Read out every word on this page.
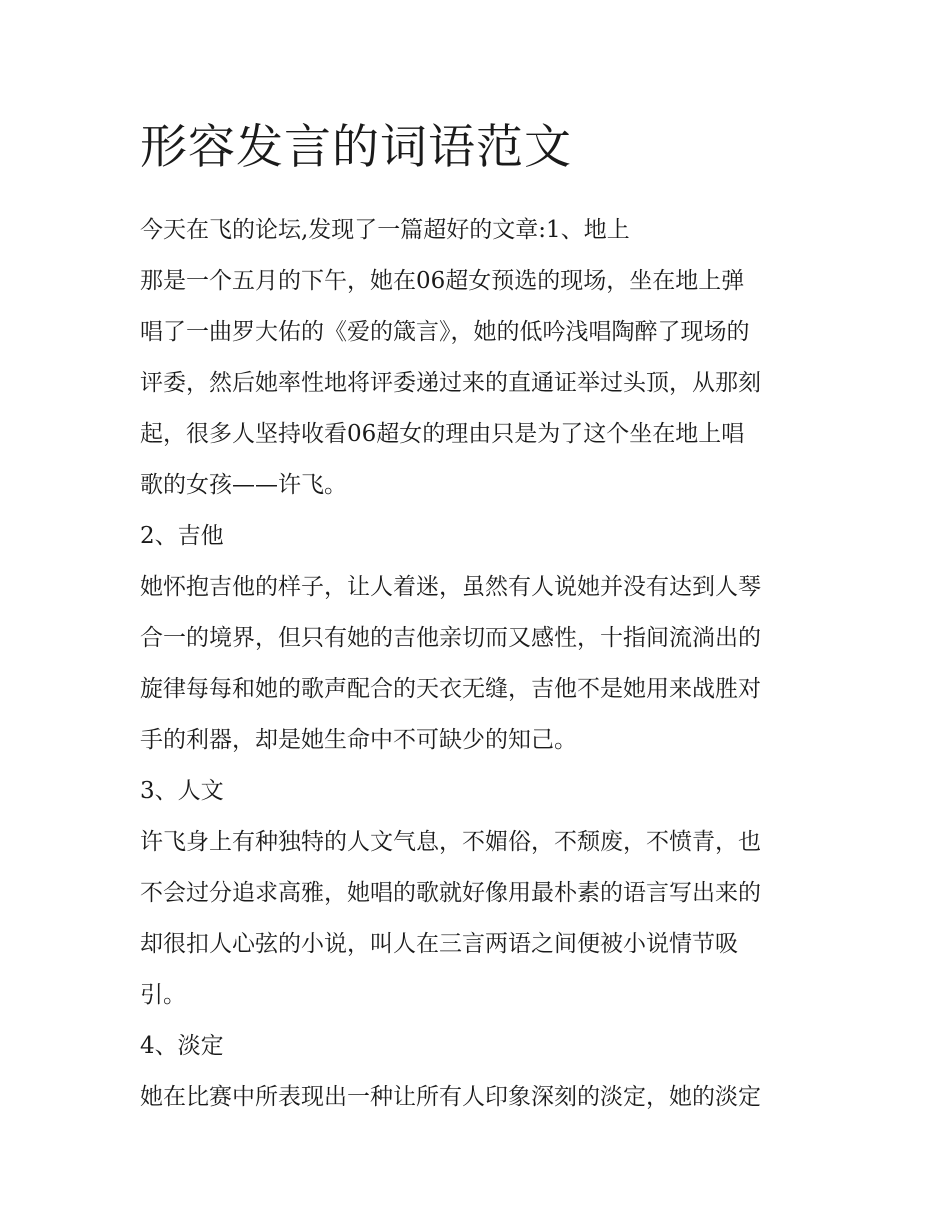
形容发言的词语范文
今天在飞的论坛,发现了一篇超好的文章:1、地上
那是一个五月的下午，她在06超女预选的现场，坐在地上弹
唱了一曲罗大佑的《爱的箴言》，她的低吟浅唱陶醉了现场的
评委，然后她率性地将评委递过来的直通证举过头顶，从那刻
起，很多人坚持收看06超女的理由只是为了这个坐在地上唱
歌的女孩——许飞。
2、吉他
她怀抱吉他的样子，让人着迷，虽然有人说她并没有达到人琴
合一的境界，但只有她的吉他亲切而又感性，十指间流淌出的
旋律每每和她的歌声配合的天衣无缝，吉他不是她用来战胜对
手的利器，却是她生命中不可缺少的知己。
3、人文
许飞身上有种独特的人文气息，不媚俗，不颓废，不愤青，也
不会过分追求高雅，她唱的歌就好像用最朴素的语言写出来的
却很扣人心弦的小说，叫人在三言两语之间便被小说情节吸
引。
4、淡定
她在比赛中所表现出一种让所有人印象深刻的淡定，她的淡定
